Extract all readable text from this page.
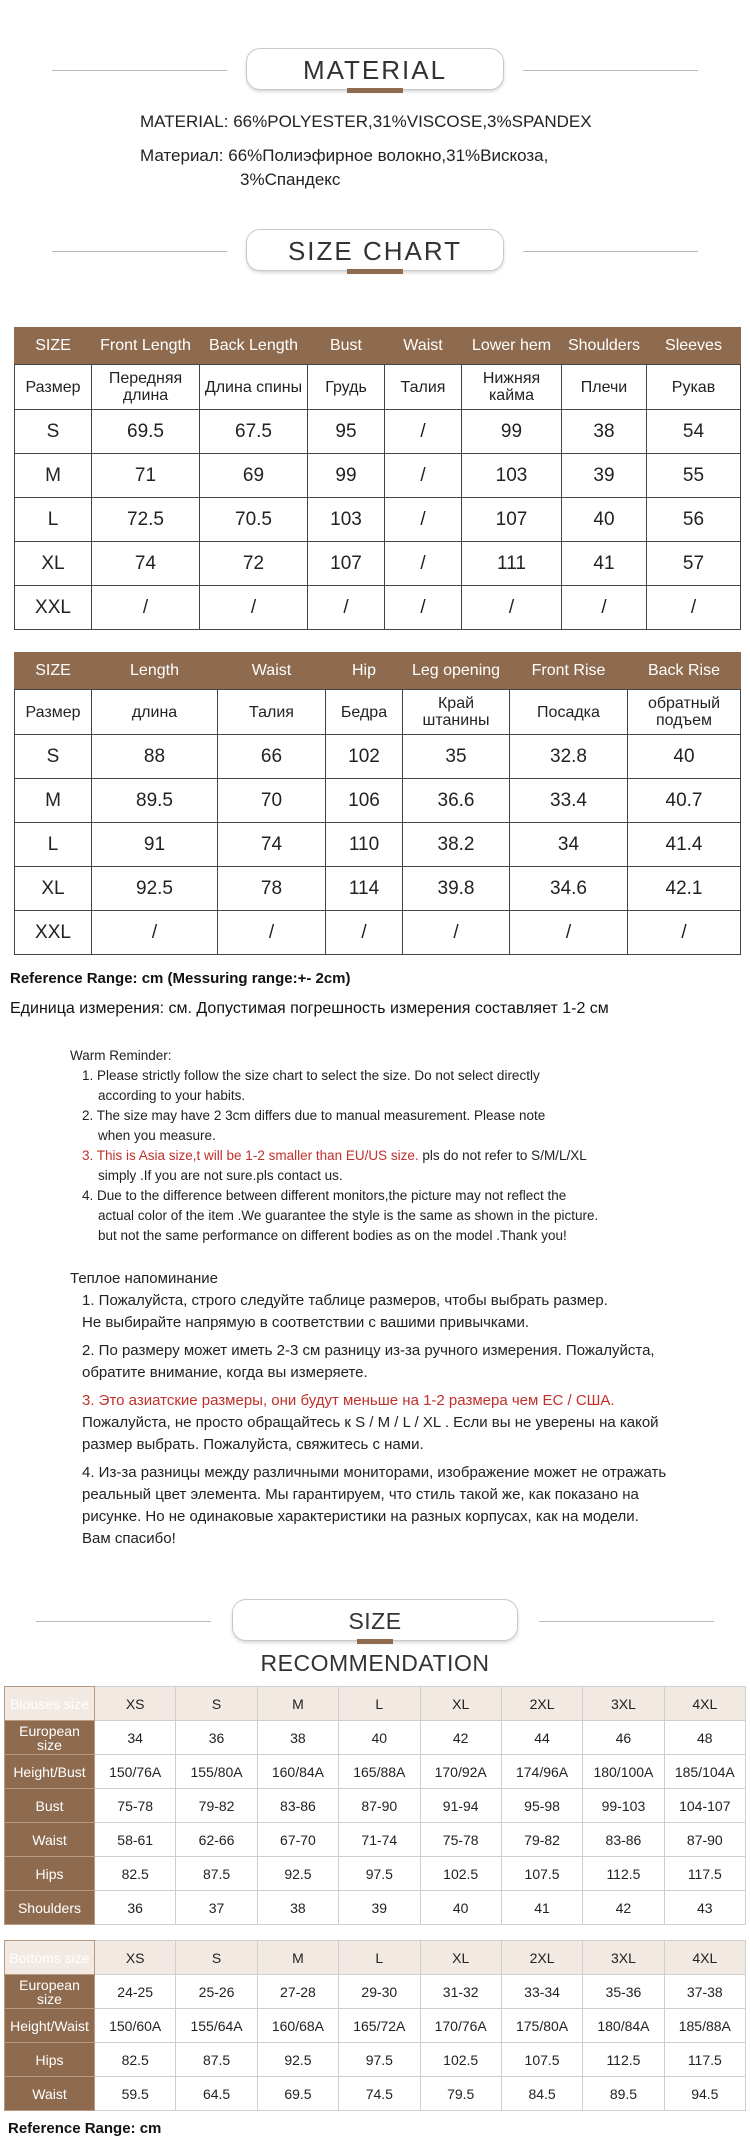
MATERIAL
MATERIAL: 66%POLYESTER,31%VISCOSE,3%SPANDEX
Материал: 66%Полиэфирное волокно,31%Вискоза,
3%Спандекс
SIZE CHART
SIZE	Front Length	Back Length	Bust	Waist	Lower hem	Shoulders	Sleeves
Размер	Передняя длина	Длина спины	Грудь	Талия	Нижняя кайма	Плечи	Рукав
S	69.5	67.5	95	/	99	38	54
M	71	69	99	/	103	39	55
L	72.5	70.5	103	/	107	40	56
XL	74	72	107	/	111	41	57
XXL	/	/	/	/	/	/	/
SIZE	Length	Waist	Hip	Leg opening	Front Rise	Back Rise
Размер	длина	Талия	Бедра	Край штанины	Посадка	обратный подъем
S	88	66	102	35	32.8	40
M	89.5	70	106	36.6	33.4	40.7
L	91	74	110	38.2	34	41.4
XL	92.5	78	114	39.8	34.6	42.1
XXL	/	/	/	/	/	/
Reference Range: cm (Messuring range:+- 2cm)
Единица измерения: см. Допустимая погрешность измерения составляет 1-2 см
Warm Reminder:
1. Please strictly follow the size chart to select the size. Do not select directly
according to your habits.
2. The size may have 2 3cm differs due to manual measurement. Please note
when you measure.
3. This is Asia size,t will be 1-2 smaller than EU/US size. pls do not refer to S/M/L/XL
simply .If you are not sure.pls contact us.
4. Due to the difference between different monitors,the picture may not reflect the
actual color of the item .We guarantee the style is the same as shown in the picture.
but not the same performance on different bodies as on the model .Thank you!
Теплое напоминание
1. Пожалуйста, строго следуйте таблице размеров, чтобы выбрать размер.
Не выбирайте напрямую в соответствии с вашими привычками.
2. По размеру может иметь 2-3 см разницу из-за ручного измерения. Пожалуйста,
обратите внимание, когда вы измеряете.
3. Это азиатские размеры, они будут меньше на 1-2 размера чем ЕС / США.
Пожалуйста, не просто обращайтесь к S / M / L / XL . Если вы не уверены на какой
размер выбрать. Пожалуйста, свяжитесь с нами.
4. Из-за разницы между различными мониторами, изображение может не отражать
реальный цвет элемента. Мы гарантируем, что стиль такой же, как показано на
рисунке. Но не одинаковые характеристики на разных корпусах, как на модели.
Вам спасибо!
SIZE RECOMMENDATION
Blouses size	XS	S	M	L	XL	2XL	3XL	4XL
European size	34	36	38	40	42	44	46	48
Height/Bust	150/76A	155/80A	160/84A	165/88A	170/92A	174/96A	180/100A	185/104A
Bust	75-78	79-82	83-86	87-90	91-94	95-98	99-103	104-107
Waist	58-61	62-66	67-70	71-74	75-78	79-82	83-86	87-90
Hips	82.5	87.5	92.5	97.5	102.5	107.5	112.5	117.5
Shoulders	36	37	38	39	40	41	42	43
Bottoms size	XS	S	M	L	XL	2XL	3XL	4XL
European size	24-25	25-26	27-28	29-30	31-32	33-34	35-36	37-38
Height/Waist	150/60A	155/64A	160/68A	165/72A	170/76A	175/80A	180/84A	185/88A
Hips	82.5	87.5	92.5	97.5	102.5	107.5	112.5	117.5
Waist	59.5	64.5	69.5	74.5	79.5	84.5	89.5	94.5
Reference Range: cm
